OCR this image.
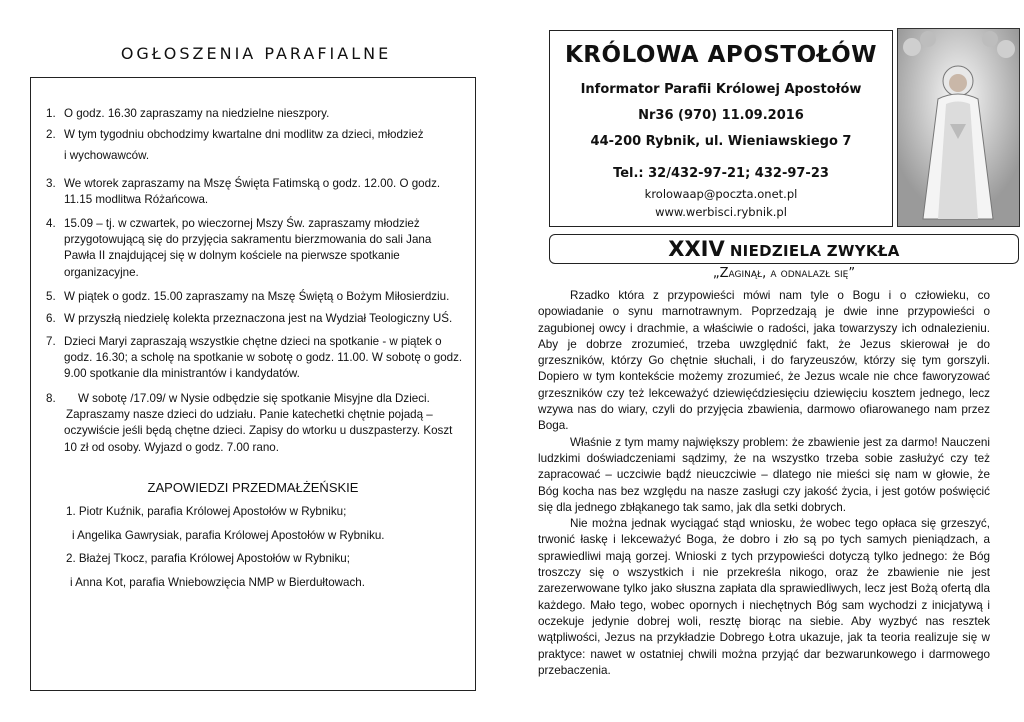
OGŁOSZENIA PARAFIALNE
1. O godz. 16.30 zapraszamy na niedzielne nieszpory.
2. W tym tygodniu obchodzimy kwartalne dni modlitw za dzieci, młodzież
i wychowawców.
3. We wtorek zapraszamy na Mszę Święta Fatimską o godz. 12.00. O godz.
11.15 modlitwa Różańcowa.
4. 15.09 – tj. w czwartek, po wieczornej Mszy Św. zapraszamy młodzież
przygotowującą się do przyjęcia sakramentu bierzmowania do sali Jana
Pawła II znajdującej się w dolnym kościele na pierwsze spotkanie
organizacyjne.
5. W piątek o godz. 15.00 zapraszamy na Mszę Świętą o Bożym Miłosierdziu.
6. W przyszłą niedzielę kolekta przeznaczona jest na Wydział Teologiczny UŚ.
7. Dzieci Maryi zapraszają wszystkie chętne dzieci na spotkanie - w piątek o
godz. 16.30; a scholę na spotkanie w sobotę o godz. 11.00. W sobotę o godz.
9.00 spotkanie dla ministrantów i kandydatów.
8.	W sobotę /17.09/ w Nysie odbędzie się spotkanie Misyjne dla Dzieci.
Zapraszamy nasze dzieci do udziału. Panie katechetki chętnie pojadą –
oczywiście jeśli będą chętne dzieci. Zapisy do wtorku u duszpasterzy. Koszt
10 zł od osoby. Wyjazd o godz. 7.00 rano.
ZAPOWIEDZI PRZEDMAŁŻEŃSKIE
1. Piotr Kuźnik, parafia Królowej Apostołów w Rybniku;
i Angelika Gawrysiak, parafia Królowej Apostołów w Rybniku.
2. Błażej Tkocz, parafia Królowej Apostołów w Rybniku;
i Anna Kot, parafia Wniebowzięcia NMP w Bierdułtowach.
KRÓLOWA APOSTOŁÓW
Informator Parafii Królowej Apostołów
Nr36 (970) 11.09.2016
44-200 Rybnik, ul. Wieniawskiego 7
Tel.: 32/432-97-21; 432-97-23
krolowaap@poczta.onet.pl
www.werbisci.rybnik.pl
XXIV NIEDZIELA ZWYKŁA
„Zaginął, a odnalazł się”

Rzadko która z przypowieści mówi nam tyle o Bogu i o człowieku, co opowiadanie o synu marnotrawnym. Poprzedzają je dwie inne przypowieści o zagubionej owcy i drachmie, a właściwie o radości, jaka towarzyszy ich odnalezieniu. Aby je dobrze zrozumieć, trzeba uwzględnić fakt, że Jezus skierował je do grzeszników, którzy Go chętnie słuchali, i do faryzeuszów, którzy się tym gorszyli. Dopiero w tym kontekście możemy zrozumieć, że Jezus wcale nie chce faworyzować grzeszników czy też lekceważyć dziewięćdziesięciu dziewięciu kosztem jednego, lecz wzywa nas do wiary, czyli do przyjęcia zbawienia, darmowo ofiarowanego nam przez Boga.

Właśnie z tym mamy największy problem: że zbawienie jest za darmo! Nauczeni ludzkimi doświadczeniami sądzimy, że na wszystko trzeba sobie zasłużyć czy też zapracować – uczciwie bądź nieuczciwie – dlatego nie mieści się nam w głowie, że Bóg kocha nas bez względu na nasze zasługi czy jakość życia, i jest gotów poświęcić się dla jednego zbłąkanego tak samo, jak dla setki dobrych.

Nie można jednak wyciągać stąd wniosku, że wobec tego opłaca się grzeszyć, trwonić łaskę i lekceważyć Boga, że dobro i zło są po tych samych pieniądzach, a sprawiedliwi mają gorzej. Wnioski z tych przypowieści dotyczą tylko jednego: że Bóg troszczy się o wszystkich i nie przekreśla nikogo, oraz że zbawienie nie jest zarezerwowane tylko jako słuszna zapłata dla sprawiedliwych, lecz jest Bożą ofertą dla każdego. Mało tego, wobec opornych i niechętnych Bóg sam wychodzi z inicjatywą i oczekuje jedynie dobrej woli, resztę biorąc na siebie. Aby wyzbyć nas resztek wątpliwości, Jezus na przykładzie Dobrego Łotra ukazuje, jak ta teoria realizuje się w praktyce: nawet w ostatniej chwili można przyjąć dar bezwarunkowego i darmowego przebaczenia.
